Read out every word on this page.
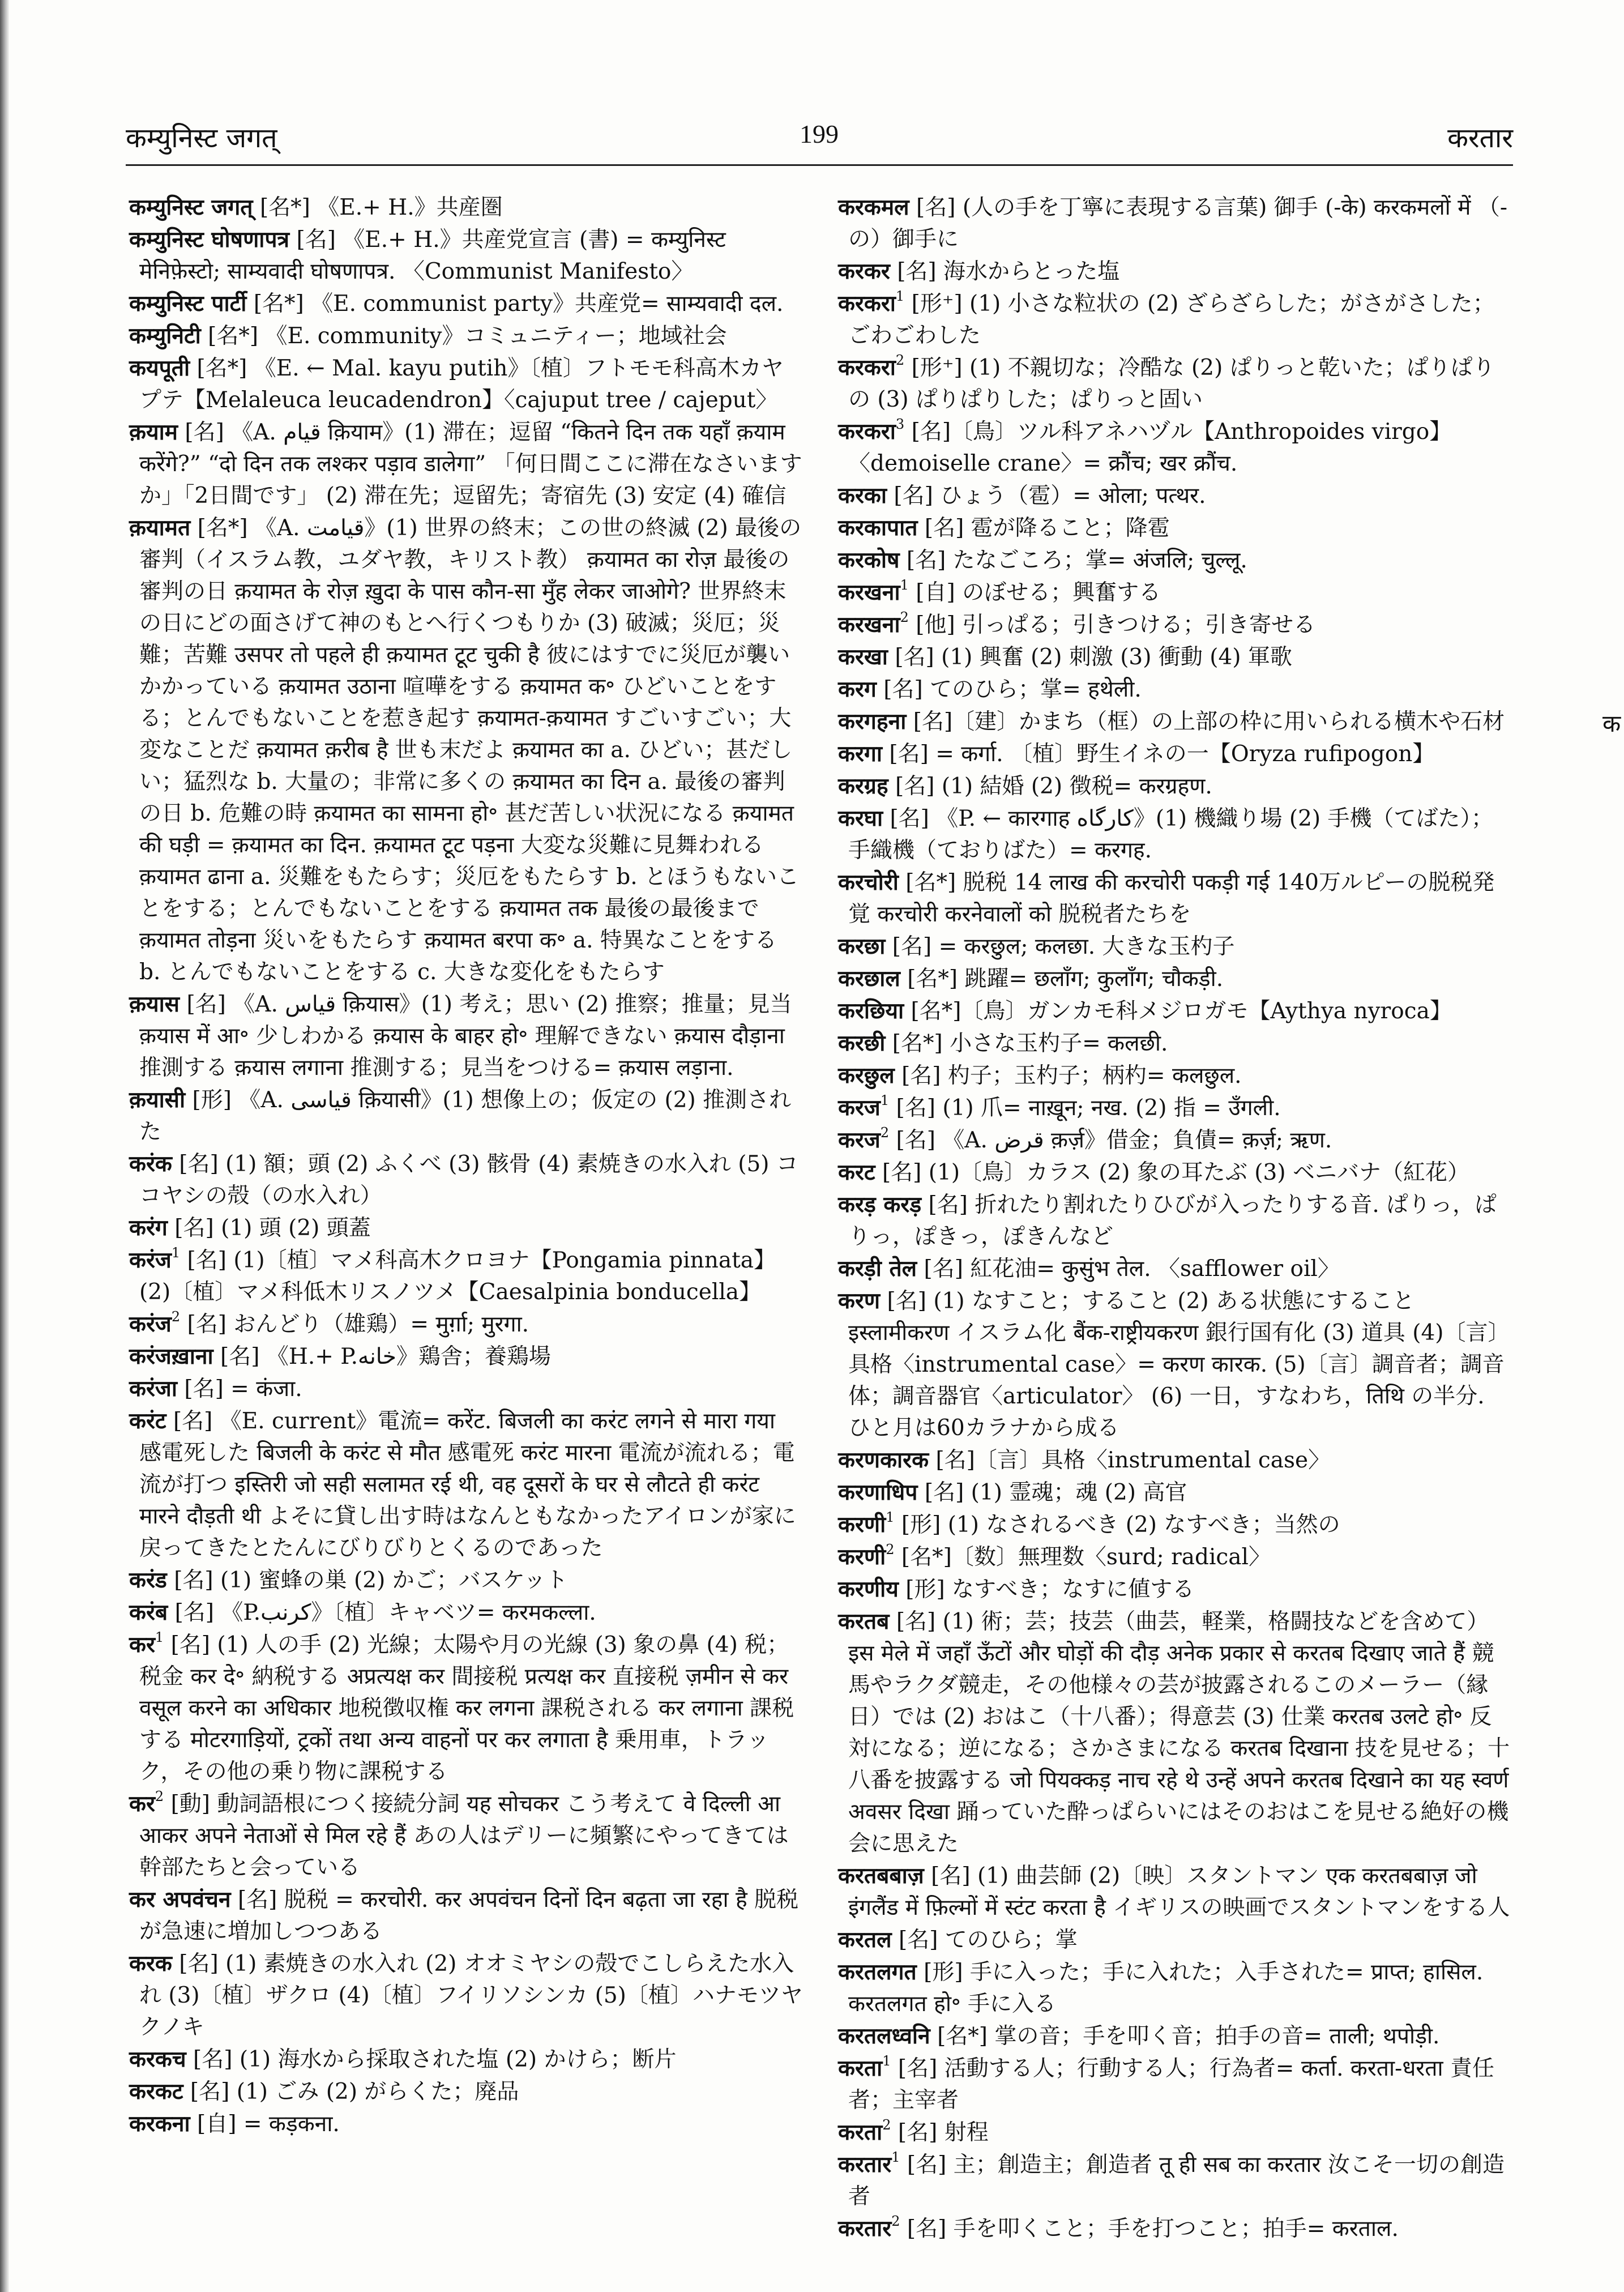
कम्युनिस्ट जगत्	199	करतार
कम्युनिस्ट जगत् [名*] 《E.+ H.》共産圏
कम्युनिस्ट घोषणापत्र [名] 《E.+ H.》共産党宣言 (書) = कम्युनिस्ट मेनिफ़ेस्टो; साम्यवादी घोषणापत्र. 〈Communist Manifesto〉
कम्युनिस्ट पार्टी [名*] 《E. communist party》共産党= साम्यवादी दल.
कम्युनिटी [名*] 《E. community》コミュニティー；地域社会
कयपूती [名*] 《E. ← Mal. kayu putih》〔植〕フトモモ科高木カヤプテ【Melaleuca leucadendron】〈cajuput tree / cajeput〉
क़याम [名] 《A. قيام क़ियाम》(1) 滞在；逗留 “कितने दिन तक यहाँ क़याम करेंगे?” “दो दिन तक लश्कर पड़ाव डालेगा” 「何日間ここに滞在なさいますか」「2日間です」 (2) 滞在先；逗留先；寄宿先 (3) 安定 (4) 確信
क़यामत [名*] 《A. قيامت》(1) 世界の終末；この世の終滅 (2) 最後の審判（イスラム教，ユダヤ教，キリスト教） क़यामत का रोज़ 最後の審判の日 क़यामत के रोज़ ख़ुदा के पास कौन-सा मुँह लेकर जाओगे? 世界終末の日にどの面さげて神のもとへ行くつもりか (3) 破滅；災厄；災難；苦難 उसपर तो पहले ही क़यामत टूट चुकी है 彼にはすでに災厄が襲いかかっている क़यामत उठाना 喧嘩をする क़यामत क॰ ひどいことをする；とんでもないことを惹き起す क़यामत-क़यामत すごいすごい；大変なことだ क़यामत क़रीब है 世も末だよ क़यामत का a. ひどい；甚だしい；猛烈な b. 大量の；非常に多くの क़यामत का दिन a. 最後の審判の日 b. 危難の時 क़यामत का सामना हो॰ 甚だ苦しい状況になる क़यामत की घड़ी = क़यामत का दिन. क़यामत टूट पड़ना 大変な災難に見舞われる क़यामत ढाना a. 災難をもたらす；災厄をもたらす b. とほうもないことをする；とんでもないことをする क़यामत तक 最後の最後まで क़यामत तोड़ना 災いをもたらす क़यामत बरपा क॰ a. 特異なことをする b. とんでもないことをする c. 大きな変化をもたらす
क़यास [名] 《A. قياس क़ियास》(1) 考え；思い (2) 推察；推量；見当 क़यास में आ॰ 少しわかる क़यास के बाहर हो॰ 理解できない क़यास दौड़ाना 推測する क़यास लगाना 推測する；見当をつける= क़यास लड़ाना.
क़यासी [形] 《A. قياسى क़ियासी》(1) 想像上の；仮定の (2) 推測された
करंक [名] (1) 額；頭 (2) ふくべ (3) 骸骨 (4) 素焼きの水入れ (5) ココヤシの殻（の水入れ）
करंग [名] (1) 頭 (2) 頭蓋
करंज$^1$ [名] (1)〔植〕マメ科高木クロヨナ【Pongamia pinnata】 (2)〔植〕マメ科低木リスノツメ【Caesalpinia bonducella】
करंज$^2$ [名] おんどり（雄鶏）= मुर्ग़ा; मुरगा.
करंजख़ाना [名] 《H.+ P.خانه》鶏舎；養鶏場
करंजा [名] = कंजा.
करंट [名] 《E. current》電流= करेंट. बिजली का करंट लगने से मारा गया 感電死した बिजली के करंट से मौत 感電死 करंट मारना 電流が流れる；電流が打つ इस्तिरी जो सही सलामत रई थी, वह दूसरों के घर से लौटते ही करंट मारने दौड़ती थी よそに貸し出す時はなんともなかったアイロンが家に戻ってきたとたんにびりびりとくるのであった
करंड [名] (1) 蜜蜂の巣 (2) かご；バスケット
करंब [名] 《P.كرنب》〔植〕キャベツ= करमकल्ला.
कर$^1$ [名] (1) 人の手 (2) 光線；太陽や月の光線 (3) 象の鼻 (4) 税；税金 कर दे॰ 納税する अप्रत्यक्ष कर 間接税 प्रत्यक्ष कर 直接税 ज़मीन से कर वसूल करने का अधिकार 地税徴収権 कर लगना 課税される कर लगाना 課税する मोटरगाड़ियों, ट्रकों तथा अन्य वाहनों पर कर लगाता है 乗用車，トラック，その他の乗り物に課税する
कर$^2$ [動] 動詞語根につく接続分詞 यह सोचकर こう考えて वे दिल्ली आ आकर अपने नेताओं से मिल रहे हैं あの人はデリーに頻繁にやってきては幹部たちと会っている
कर अपवंचन [名] 脱税 = करचोरी. कर अपवंचन दिनों दिन बढ़ता जा रहा है 脱税が急速に増加しつつある
करक [名] (1) 素焼きの水入れ (2) オオミヤシの殻でこしらえた水入れ (3)〔植〕ザクロ (4)〔植〕フイリソシンカ (5)〔植〕ハナモツヤクノキ
करकच [名] (1) 海水から採取された塩 (2) かけら；断片
करकट [名] (1) ごみ (2) がらくた；廃品
करकना [自] = कड़कना.
करकमल [名] (人の手を丁寧に表現する言葉) 御手 (-के) करकमलों में （-の）御手に
करकर [名] 海水からとった塩
करकरा$^1$ [形⁺] (1) 小さな粒状の (2) ざらざらした；がさがさした；ごわごわした
करकरा$^2$ [形⁺] (1) 不親切な；冷酷な (2) ぱりっと乾いた；ぱりぱりの (3) ぱりぱりした；ぱりっと固い
करकरा$^3$ [名]〔鳥〕ツル科アネハヅル【Anthropoides virgo】〈demoiselle crane〉= क्रौंच; खर क्रौंच.
करका [名] ひょう（雹）= ओला; पत्थर.
करकापात [名] 雹が降ること；降雹
करकोष [名] たなごころ；掌= अंजलि; चुल्लू.
करखना$^1$ [自] のぼせる；興奮する
करखना$^2$ [他] 引っぱる；引きつける；引き寄せる
करखा [名] (1) 興奮 (2) 刺激 (3) 衝動 (4) 軍歌
करग [名] てのひら；掌= हथेली.
करगहना [名]〔建〕かまち（框）の上部の枠に用いられる横木や石材
करगा [名] = कर्गा. 〔植〕野生イネの一【Oryza rufipogon】
करग्रह [名] (1) 結婚 (2) 徴税= करग्रहण.
करघा [名] 《P. ← कारगाह كارگاه》(1) 機織り場 (2) 手機（てばた）；手織機（ておりばた）= करगह.
करचोरी [名*] 脱税 14 लाख की करचोरी पकड़ी गई 140万ルピーの脱税発覚 करचोरी करनेवालों को 脱税者たちを
करछा [名] = करछुल; कलछा. 大きな玉杓子
करछाल [名*] 跳躍= छलाँग; कुलाँग; चौकड़ी.
करछिया [名*]〔鳥〕ガンカモ科メジロガモ【Aythya nyroca】
करछी [名*] 小さな玉杓子= कलछी.
करछुल [名] 杓子；玉杓子；柄杓= कलछुल.
करज$^1$ [名] (1) 爪= नाख़ून; नख. (2) 指 = उँगली.
करज$^2$ [名] 《A. قرض क़र्ज़》借金；負債= क़र्ज़; ऋण.
करट [名] (1)〔鳥〕カラス (2) 象の耳たぶ (3) ベニバナ（紅花）
करड़ करड़ [名] 折れたり割れたりひびが入ったりする音. ぱりっ，ぱりっ，ぽきっ，ぽきんなど
करड़ी तेल [名] 紅花油= कुसुंभ तेल. 〈safflower oil〉
करण [名] (1) なすこと；すること (2) ある状態にすること इस्लामीकरण イスラム化 बैंक-राष्ट्रीयकरण 銀行国有化 (3) 道具 (4)〔言〕具格〈instrumental case〉= करण कारक. (5)〔言〕調音者；調音体；調音器官〈articulator〉 (6) 一日，すなわち，तिथि の半分. ひと月は60カラナから成る
करणकारक [名]〔言〕具格〈instrumental case〉
करणाधिप [名] (1) 霊魂；魂 (2) 高官
करणी$^1$ [形] (1) なされるべき (2) なすべき；当然の
करणी$^2$ [名*]〔数〕無理数〈surd; radical〉
करणीय [形] なすべき；なすに値する
करतब [名] (1) 術；芸；技芸（曲芸，軽業，格闘技などを含めて） इस मेले में जहाँ ऊँटों और घोड़ों की दौड़ अनेक प्रकार से करतब दिखाए जाते हैं 競馬やラクダ競走，その他様々の芸が披露されるこのメーラー（縁日）では (2) おはこ（十八番）；得意芸 (3) 仕業 करतब उलटे हो॰ 反対になる；逆になる；さかさまになる करतब दिखाना 技を見せる；十八番を披露する जो पियक्कड़ नाच रहे थे उन्हें अपने करतब दिखाने का यह स्वर्ण अवसर दिखा 踊っていた酔っぱらいにはそのおはこを見せる絶好の機会に思えた
करतबबाज़ [名] (1) 曲芸師 (2)〔映〕スタントマン एक करतबबाज़ जो इंगलैंड में फ़िल्मों में स्टंट करता है イギリスの映画でスタントマンをする人
करतल [名] てのひら；掌
करतलगत [形] 手に入った；手に入れた；入手された= प्राप्त; हासिल. करतलगत हो॰ 手に入る
करतलध्वनि [名*] 掌の音；手を叩く音；拍手の音= ताली; थपोड़ी.
करता$^1$ [名] 活動する人；行動する人；行為者= कर्ता. करता-धरता 責任者；主宰者
करता$^2$ [名] 射程
करतार$^1$ [名] 主；創造主；創造者 तू ही सब का करतार 汝こそ一切の創造者
करतार$^2$ [名] 手を叩くこと；手を打つこと；拍手= करताल.
क
